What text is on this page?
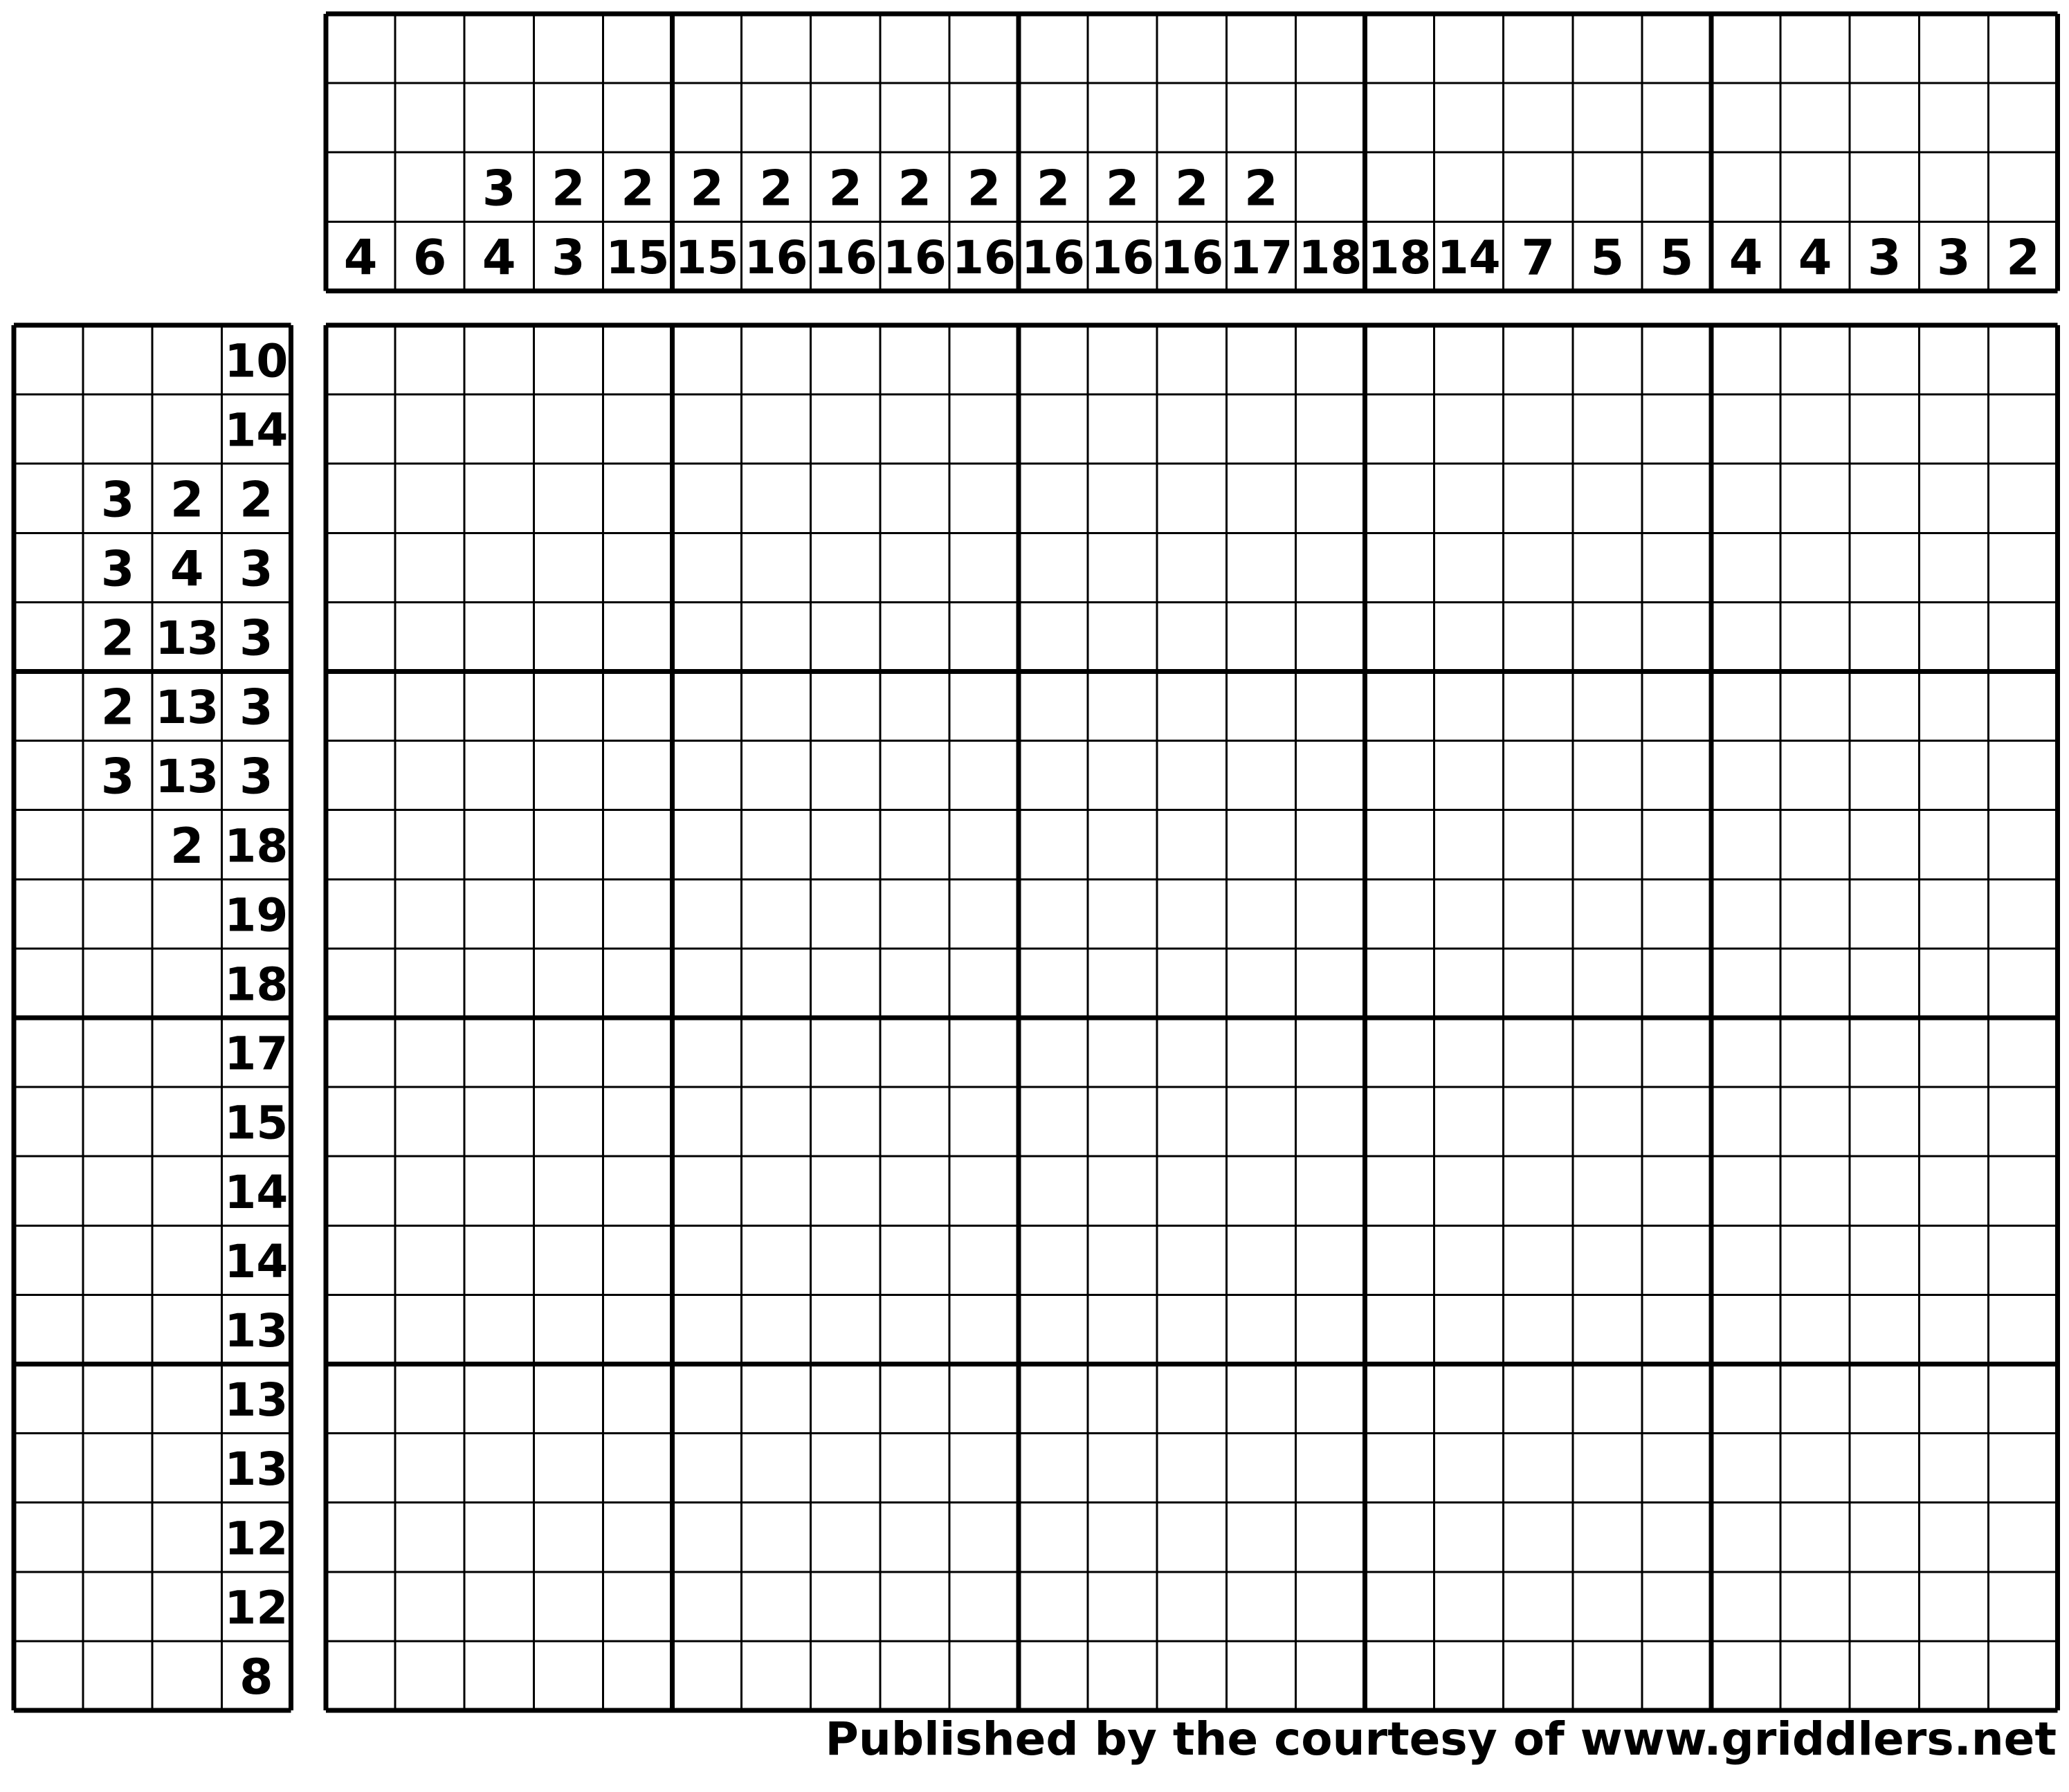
4 6
3
4
2
3
2
15
2
15
2
16
2
16
2
16
2
16
2
16
2
16
2
16
2
17 18 18 14 7 5 5 4 4 3 3 2
10
14
3 2 2
3 4 3
2 13 3
2 13 3
3 13 3
2 18
19
18
17
15
14
14
13
13
13
12
12
8
Published by the courtesy of www.griddlers.net
